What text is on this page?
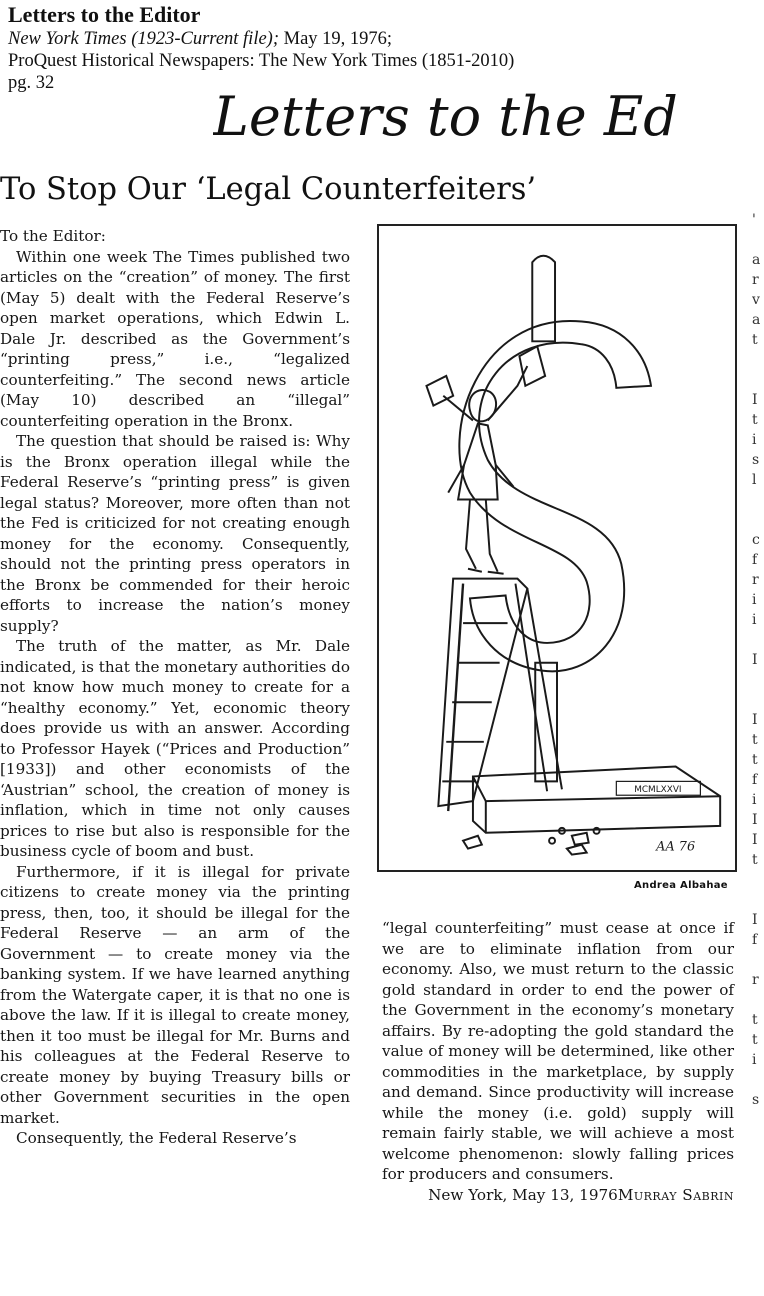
Letters to the Editor
New York Times (1923-Current file); May 19, 1976;
ProQuest Historical Newspapers: The New York Times (1851-2010)
pg. 32
Letters to the Ed
To Stop Our ‘Legal Counterfeiters’

To the Editor:

Within one week The Times published two articles on the “creation” of money. The first (May 5) dealt with the Federal Reserve’s open market operations, which Edwin L. Dale Jr. described as the Government’s “printing press,” i.e., “legalized counterfeiting.” The second news article (May 10) described an “illegal” counterfeiting operation in the Bronx.

The question that should be raised is: Why is the Bronx operation illegal while the Federal Reserve’s “printing press” is given legal status? Moreover, more often than not the Fed is criticized for not creating enough money for the economy. Consequently, should not the printing press operators in the Bronx be commended for their heroic efforts to increase the nation’s money supply?

The truth of the matter, as Mr. Dale indicated, is that the monetary authorities do not know how much money to create for a “healthy economy.” Yet, economic theory does provide us with an answer. According to Professor Hayek (“Prices and Production” [1933]) and other economists of the ‘Austrian” school, the creation of money is inflation, which in time not only causes prices to rise but also is responsible for the business cycle of boom and bust.

Furthermore, if it is illegal for private citizens to create money via the printing press, then, too, it should be illegal for the Federal Reserve — an arm of the Government — to create money via the banking system. If we have learned anything from the Watergate caper, it is that no one is above the law. If it is illegal to create money, then it too must be illegal for Mr. Burns and his colleagues at the Federal Reserve to create money by buying Treasury bills or other Government securities in the open market.

Consequently, the Federal Reserve’s

MCMLXXVI
AA 76
Andrea Albahae

“legal counterfeiting” must cease at once if we are to eliminate inflation from our economy. Also, we must return to the classic gold standard in order to end the power of the Government in the economy’s monetary affairs. By re-adopting the gold standard the value of money will be determined, like other commodities in the marketplace, by supply and demand. Since productivity will increase while the money (i.e. gold) supply will remain fairly stable, we will achieve a most welcome phenomenon: slowly falling prices for producers and consumers.

Murray Sabrin
New York, May 13, 1976
'
a
r
v
a
t
I
t
i
s
l
c
f
r
i
i
I
I
t
t
f
i
I
I
t
I
f
r
t
t
i
s
